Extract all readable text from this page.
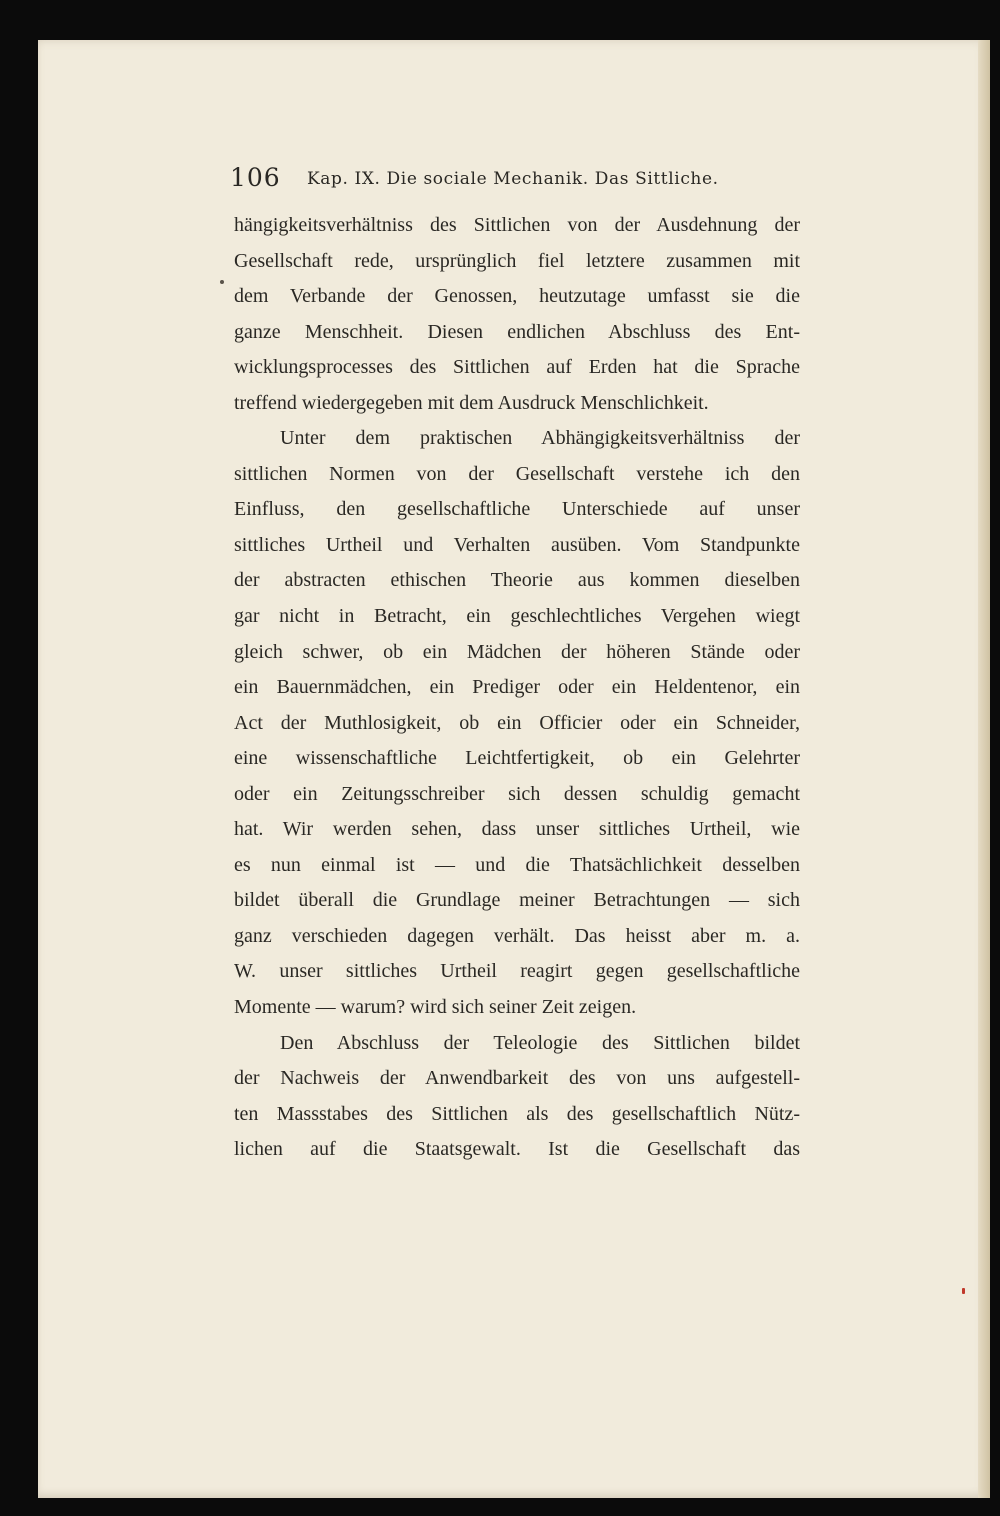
106 Kap. IX. Die sociale Mechanik. Das Sittliche.
hängigkeitsverhältniss des Sittlichen von der Ausdehnung der
Gesellschaft rede, ursprünglich fiel letztere zusammen mit
dem Verbande der Genossen, heutzutage umfasst sie die
ganze Menschheit. Diesen endlichen Abschluss des Ent-
wicklungsprocesses des Sittlichen auf Erden hat die Sprache
treffend wiedergegeben mit dem Ausdruck Menschlichkeit.
Unter dem praktischen Abhängigkeitsverhältniss der
sittlichen Normen von der Gesellschaft verstehe ich den
Einfluss, den gesellschaftliche Unterschiede auf unser
sittliches Urtheil und Verhalten ausüben. Vom Standpunkte
der abstracten ethischen Theorie aus kommen dieselben
gar nicht in Betracht, ein geschlechtliches Vergehen wiegt
gleich schwer, ob ein Mädchen der höheren Stände oder
ein Bauernmädchen, ein Prediger oder ein Heldentenor, ein
Act der Muthlosigkeit, ob ein Officier oder ein Schneider,
eine wissenschaftliche Leichtfertigkeit, ob ein Gelehrter
oder ein Zeitungsschreiber sich dessen schuldig gemacht
hat. Wir werden sehen, dass unser sittliches Urtheil, wie
es nun einmal ist — und die Thatsächlichkeit desselben
bildet überall die Grundlage meiner Betrachtungen — sich
ganz verschieden dagegen verhält. Das heisst aber m. a.
W. unser sittliches Urtheil reagirt gegen gesellschaftliche
Momente — warum? wird sich seiner Zeit zeigen.
Den Abschluss der Teleologie des Sittlichen bildet
der Nachweis der Anwendbarkeit des von uns aufgestell-
ten Massstabes des Sittlichen als des gesellschaftlich Nütz-
lichen auf die Staatsgewalt. Ist die Gesellschaft das
